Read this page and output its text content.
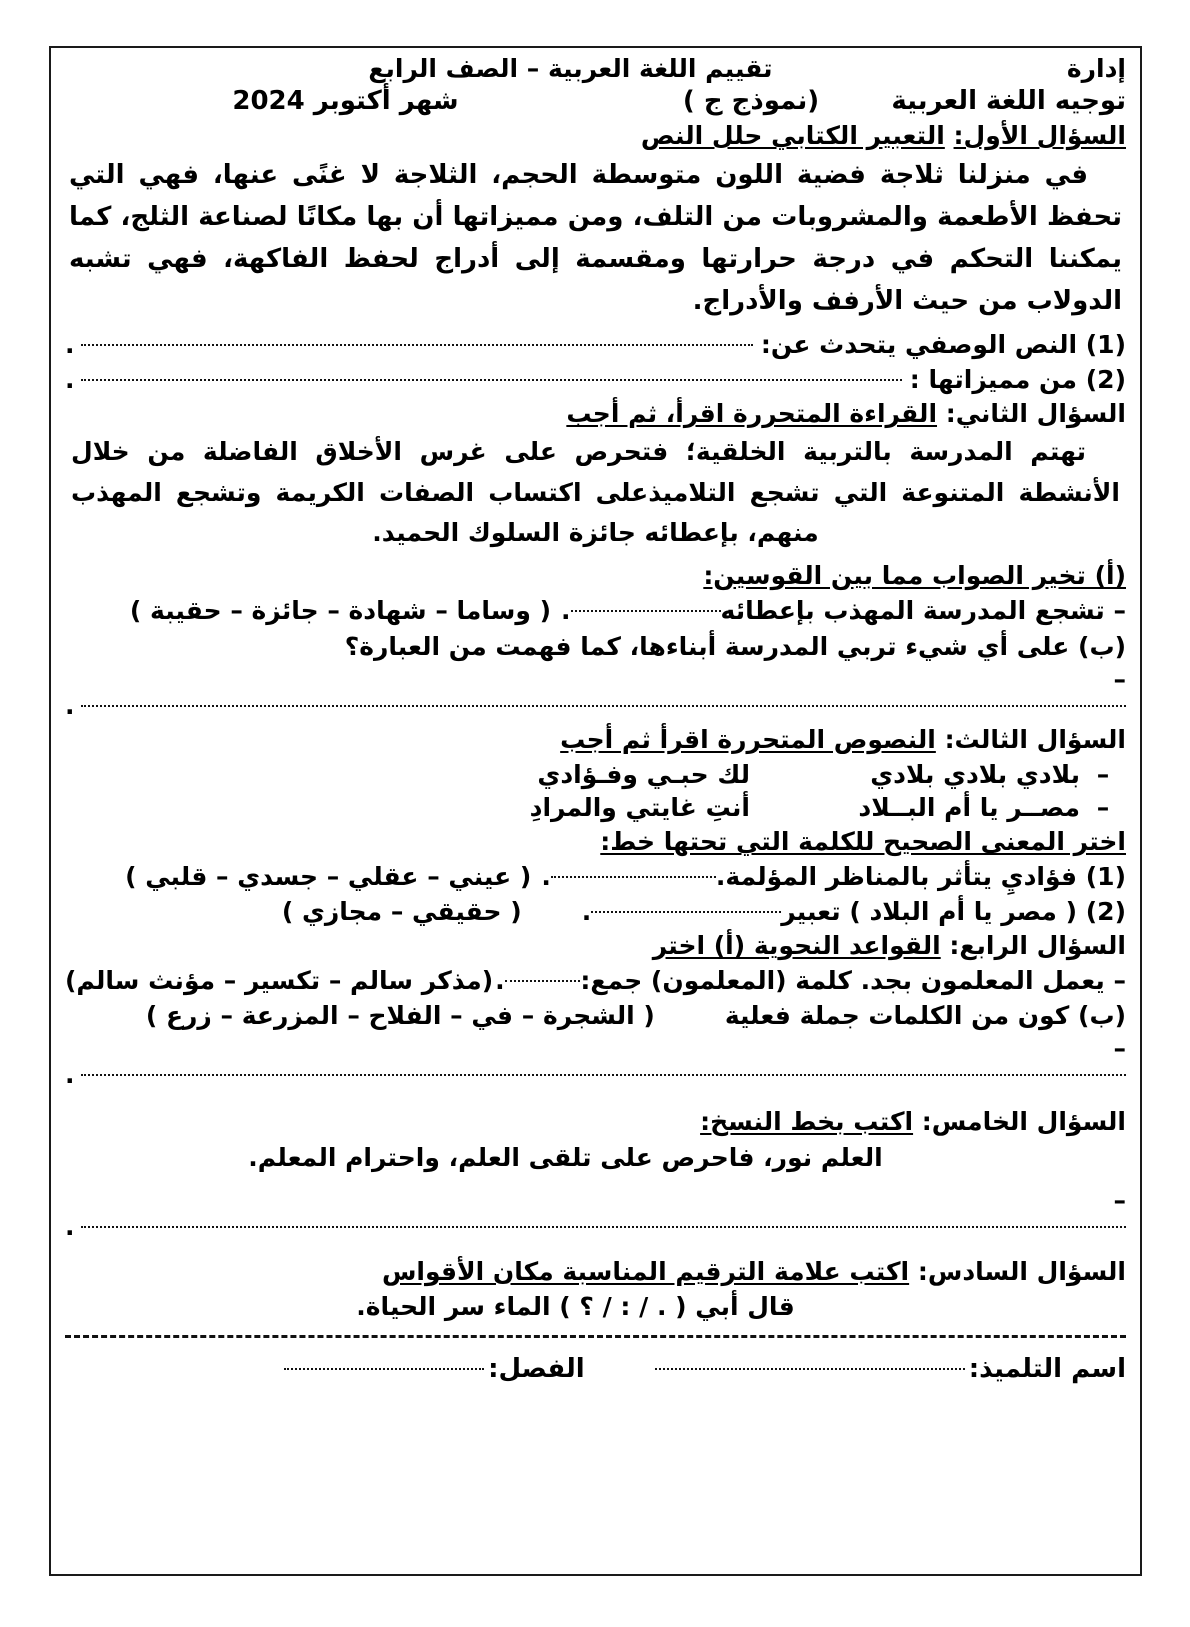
إدارة
تقييم اللغة العربية – الصف الرابع
توجيه اللغة العربية
(نموذج ج )
شهر أكتوبر 2024
السؤال الأول: التعبير الكتابي حلل النص
في منزلنا ثلاجة فضية اللون متوسطة الحجم، الثلاجة لا غنًى عنها، فهي التي تحفظ الأطعمة والمشروبات من التلف، ومن مميزاتها أن بها مكانًا لصناعة الثلج، كما يمكننا التحكم في درجة حرارتها ومقسمة إلى أدراج لحفظ الفاكهة، فهي تشبه الدولاب من حيث الأرفف والأدراج.
(1) النص الوصفي يتحدث عن:
.
(2) من مميزاتها :
.
السؤال الثاني: القراءة المتحررة اقرأ، ثم أجب
تهتم المدرسة بالتربية الخلقية؛ فتحرص على غرس الأخلاق الفاضلة من خلال الأنشطة المتنوعة التي تشجع التلاميذعلى اكتساب الصفات الكريمة وتشجع المهذب منهم، بإعطائه جائزة السلوك الحميد.
(أ) تخير الصواب مما بين القوسين:
– تشجع المدرسة المهذب بإعطائه
.
( وساما – شهادة – جائزة – حقيبة )
(ب) على أي شيء تربي المدرسة أبناءها، كما فهمت من العبارة؟
–
.
السؤال الثالث: النصوص المتحررة اقرأ ثم أجب
–
بلادي بلادي بلادي
لك حبـي وفـؤادي
–
مصــر يا أم البــلاد
أنتِ غايتي والمرادِ
اختر المعنى الصحيح للكلمة التي تحتها خط:
(1) فؤاديِ يتأثر بالمناظر المؤلمة.
.
( عيني – عقلي – جسدي – قلبي )
(2) ( مصر يا أم البلاد ) تعبير
.
( حقيقي – مجازي )
السؤال الرابع: القواعد النحوية (أ) اختر
– يعمل المعلمون بجد. كلمة (المعلمون) جمع:
.
(مذكر سالم – تكسير – مؤنث سالم)
(ب) كون من الكلمات جملة فعلية
( الشجرة – في – الفلاح – المزرعة – زرع )
–
.
السؤال الخامس: اكتب بخط النسخ:
العلم نور، فاحرص على تلقى العلم، واحترام المعلم.
–
.
السؤال السادس: اكتب علامة الترقيم المناسبة مكان الأقواس
قال أبي ( . / : / ؟ ) الماء سر الحياة.
اسم التلميذ:
الفصل:
